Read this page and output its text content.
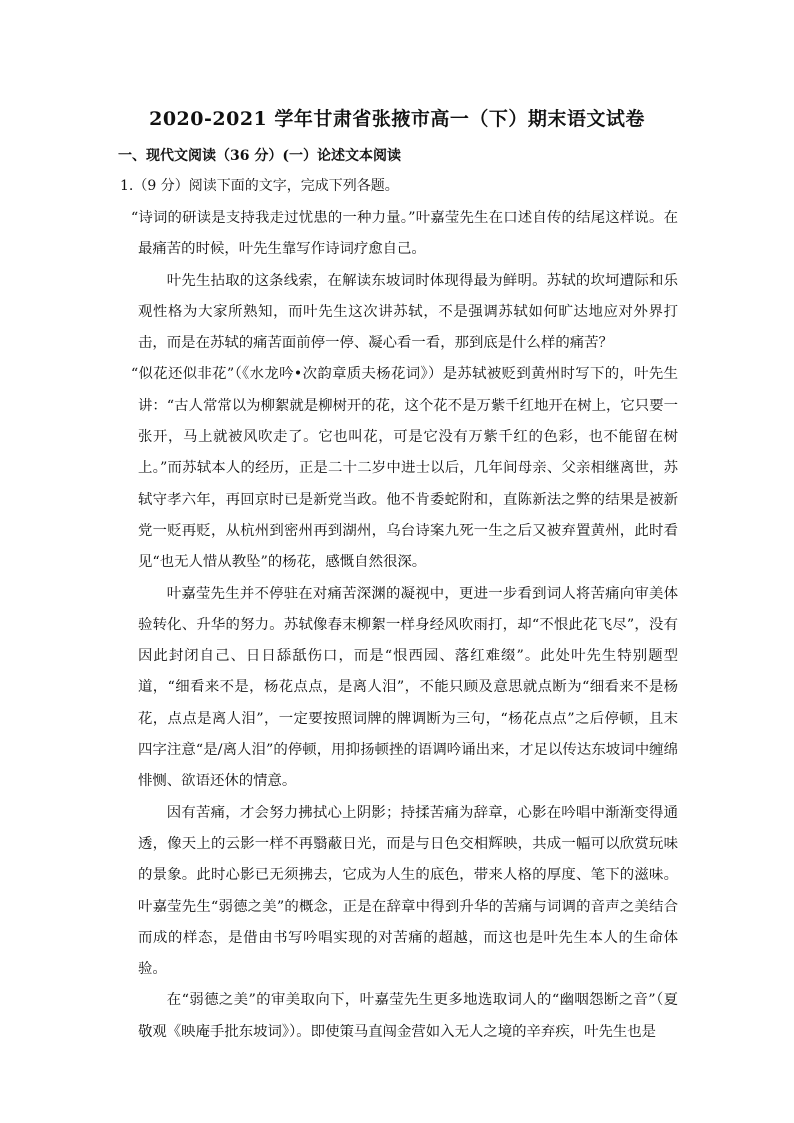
2020-2021 学年甘肃省张掖市高一（下）期末语文试卷
一、现代文阅读（36 分）(一）论述文本阅读
1.（9 分）阅读下面的文字，完成下列各题。

“诗词的研读是支持我走过忧患的一种力量。”叶嘉莹先生在口述自传的结尾这样说。在最痛苦的时候，叶先生靠写作诗词疗愈自己。

叶先生拈取的这条线索，在解读东坡词时体现得最为鲜明。苏轼的坎坷遭际和乐观性格为大家所熟知，而叶先生这次讲苏轼，不是强调苏轼如何旷达地应对外界打击，而是在苏轼的痛苦面前停一停、凝心看一看，那到底是什么样的痛苦？

“似花还似非花”（《水龙吟•次韵章质夫杨花词》）是苏轼被贬到黄州时写下的，叶先生讲：“古人常常以为柳絮就是柳树开的花，这个花不是万紫千红地开在树上，它只要一张开，马上就被风吹走了。它也叫花，可是它没有万紫千红的色彩，也不能留在树上。”而苏轼本人的经历，正是二十二岁中进士以后，几年间母亲、父亲相继离世，苏轼守孝六年，再回京时已是新党当政。他不肯委蛇附和，直陈新法之弊的结果是被新党一贬再贬，从杭州到密州再到湖州，乌台诗案九死一生之后又被弃置黄州，此时看见“也无人惜从教坠”的杨花，感慨自然很深。

叶嘉莹先生并不停驻在对痛苦深渊的凝视中，更进一步看到词人将苦痛向审美体验转化、升华的努力。苏轼像春末柳絮一样身经风吹雨打，却“不恨此花飞尽”，没有因此封闭自己、日日舔舐伤口，而是“恨西园、落红难缀”。此处叶先生特别题型道，“细看来不是，杨花点点，是离人泪”，不能只顾及意思就点断为“细看来不是杨花，点点是离人泪”，一定要按照词牌的牌调断为三句，“杨花点点”之后停顿，且末四字注意“是/离人泪”的停顿，用抑扬顿挫的语调吟诵出来，才足以传达东坡词中缠绵悱恻、欲语还休的情意。

因有苦痛，才会努力拂拭心上阴影；持揉苦痛为辞章，心影在吟唱中渐渐变得通透，像天上的云影一样不再翳蔽日光，而是与日色交相辉映，共成一幅可以欣赏玩味的景象。此时心影已无须拂去，它成为人生的底色，带来人格的厚度、笔下的滋味。叶嘉莹先生“弱德之美”的概念，正是在辞章中得到升华的苦痛与词调的音声之美结合而成的样态，是借由书写吟唱实现的对苦痛的超越，而这也是叶先生本人的生命体验。

在“弱德之美”的审美取向下，叶嘉莹先生更多地选取词人的“幽咽怨断之音”（夏敬观《映庵手批东坡词》）。即使策马直闯金营如入无人之境的辛弃疾，叶先生也是
